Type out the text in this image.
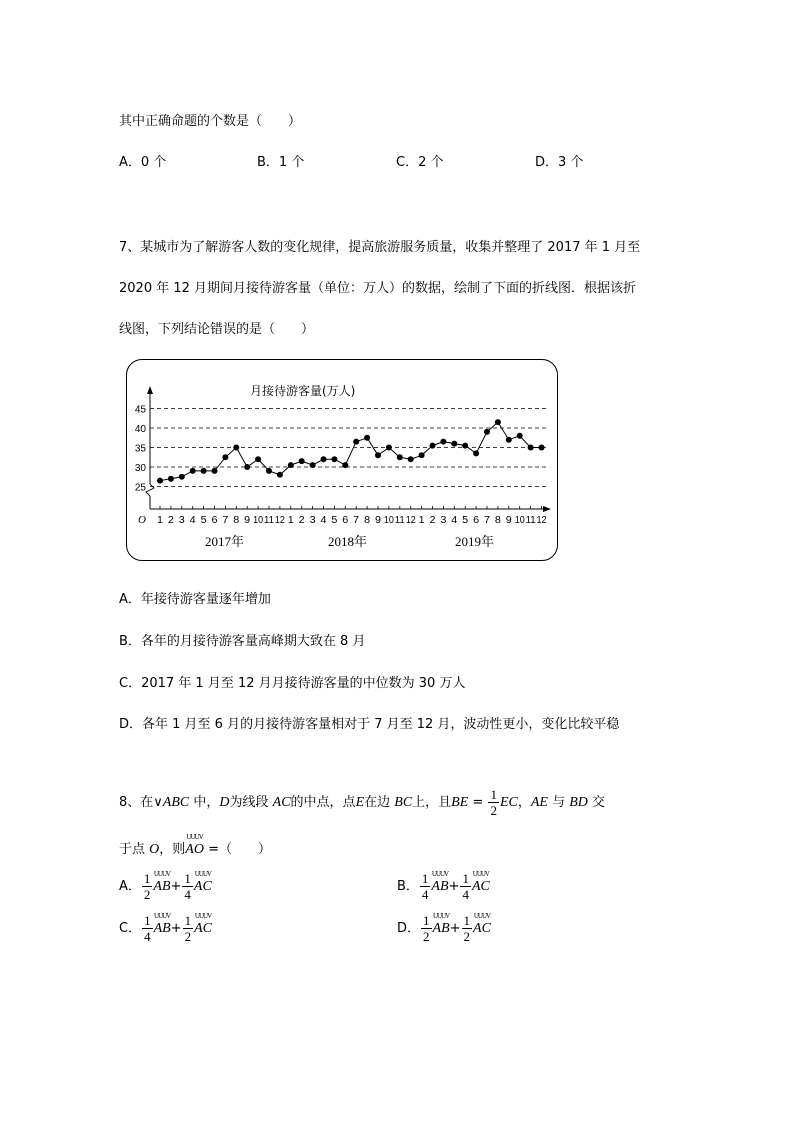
其中正确命题的个数是（　　）
A．0 个	B．1 个	C．2 个	D．3 个
7、某城市为了解游客人数的变化规律，提高旅游服务质量，收集并整理了 2017 年 1 月至
2020 年 12 月期间月接待游客量（单位：万人）的数据，绘制了下面的折线图．根据该折
线图，下列结论错误的是（　　）
25
30
35
40
45
O 1 2 3 4 5 6 7 8 9 10 11 12 1 2 3 4 5 6 7 8 9 10 11 12 1 2 3 4 5 6 7 8 9 10 11 12
月接待游客量(万人)
2017年	2018年	2019年
A．年接待游客量逐年增加
B．各年的月接待游客量高峰期大致在 8 月
C．2017 年 1 月至 12 月月接待游客量的中位数为 30 万人
D．各年 1 月至 6 月的月接待游客量相对于 7 月至 12 月，波动性更小，变化比较平稳
8、在∨ABC 中，D为线段 AC的中点，点E在边 BC上，且BE = $\frac{1}{2}$ EC，AE 与 BD 交
于点 O，则
UUUV
AO =（　　）
A． $\frac{1}{2}$ UUUV
$AB+ \frac{1}{4}$ UUUV
AC	B． $\frac{1}{4}$ UUUV
$AB+ \frac{1}{4}$ UUUV
AC
C． $\frac{1}{4}$ UUUV
$AB+ \frac{1}{2}$ UUUV
AC	D． $\frac{1}{2}$ UUUV
$AB+ \frac{1}{2}$ UUUV
AC
